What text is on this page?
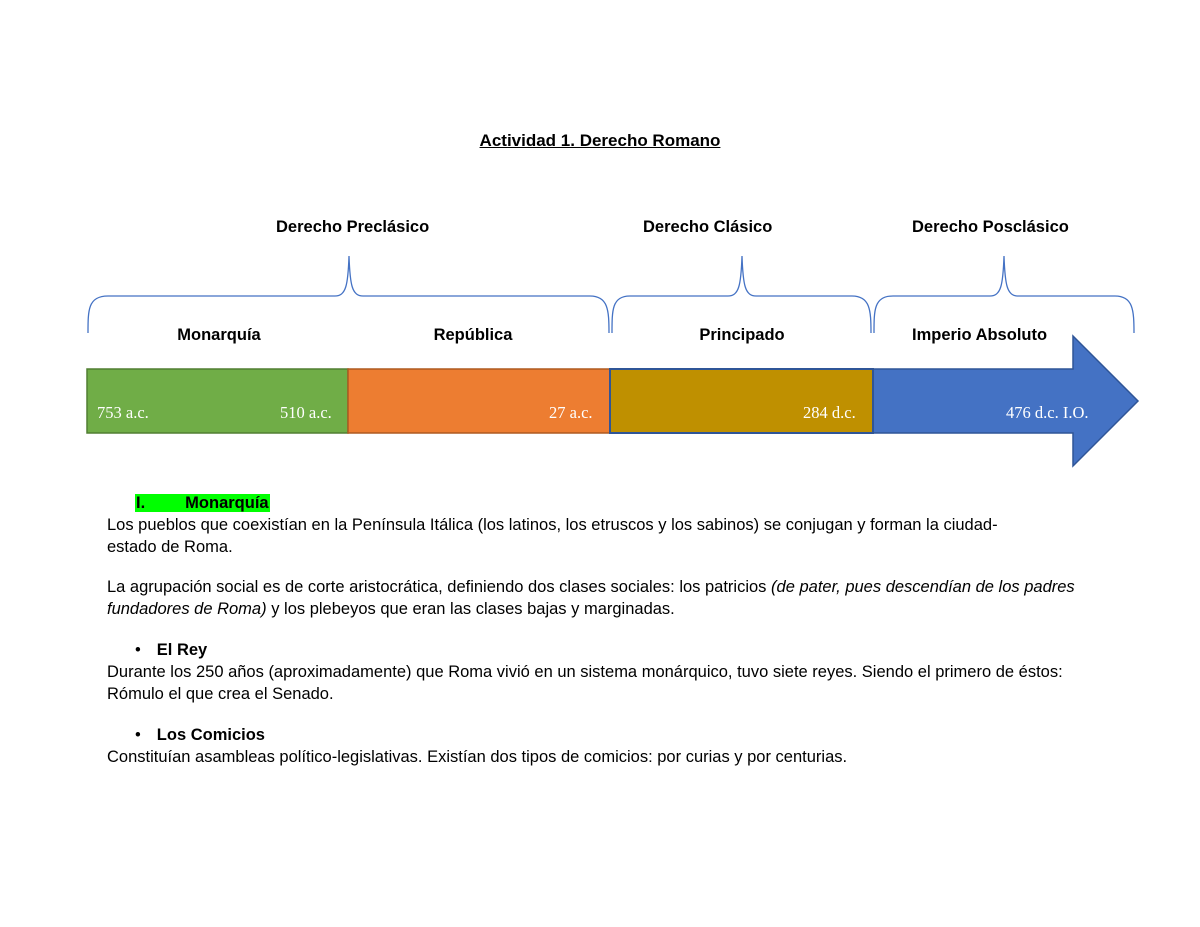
Actividad 1. Derecho Romano
Derecho Preclásico	Derecho Clásico	Derecho Posclásico
Monarquía	República	Principado	Imperio Absoluto
753 a.c.	510 a.c.	27 a.c.	284 d.c.	476 d.c. I.O.
I. Monarquía
Los pueblos que coexistían en la Península Itálica (los latinos, los etruscos y los sabinos) se conjugan y forman la ciudad-
estado de Roma.
La agrupación social es de corte aristocrática, definiendo dos clases sociales: los patricios (de pater, pues descendían de los padres fundadores de Roma) y los plebeyos que eran las clases bajas y marginadas.
• El Rey
Durante los 250 años (aproximadamente) que Roma vivió en un sistema monárquico, tuvo siete reyes. Siendo el primero de éstos: Rómulo el que crea el Senado.
• Los Comicios
Constituían asambleas político-legislativas. Existían dos tipos de comicios: por curias y por centurias.
